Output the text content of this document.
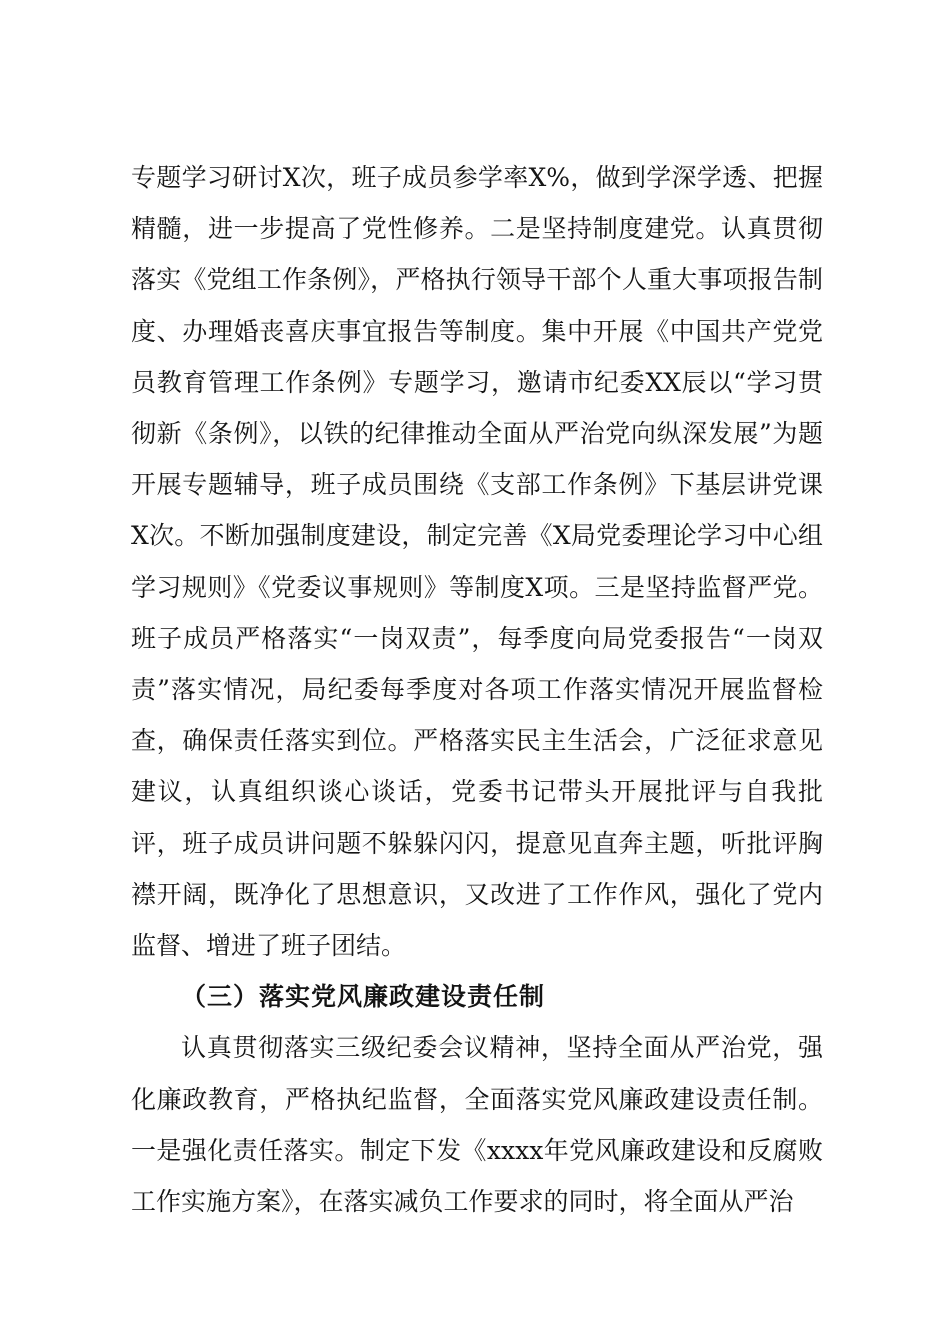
专题学习研讨X次，班子成员参学率X%，做到学深学透、把握精髓，进一步提高了党性修养。二是坚持制度建党。认真贯彻落实《党组工作条例》，严格执行领导干部个人重大事项报告制度、办理婚丧喜庆事宜报告等制度。集中开展《中国共产党党员教育管理工作条例》专题学习，邀请市纪委XX辰以“学习贯彻新《条例》，以铁的纪律推动全面从严治党向纵深发展”为题开展专题辅导，班子成员围绕《支部工作条例》下基层讲党课X次。不断加强制度建设，制定完善《X局党委理论学习中心组学习规则》《党委议事规则》等制度X项。三是坚持监督严党。班子成员严格落实“一岗双责”，每季度向局党委报告“一岗双责”落实情况，局纪委每季度对各项工作落实情况开展监督检查，确保责任落实到位。严格落实民主生活会，广泛征求意见建议，认真组织谈心谈话，党委书记带头开展批评与自我批评，班子成员讲问题不躲躲闪闪，提意见直奔主题，听批评胸襟开阔，既净化了思想意识，又改进了工作作风，强化了党内监督、增进了班子团结。

（三）落实党风廉政建设责任制

认真贯彻落实三级纪委会议精神，坚持全面从严治党，强化廉政教育，严格执纪监督，全面落实党风廉政建设责任制。一是强化责任落实。制定下发《xxxx年党风廉政建设和反腐败工作实施方案》，在落实减负工作要求的同时，将全面从严治
